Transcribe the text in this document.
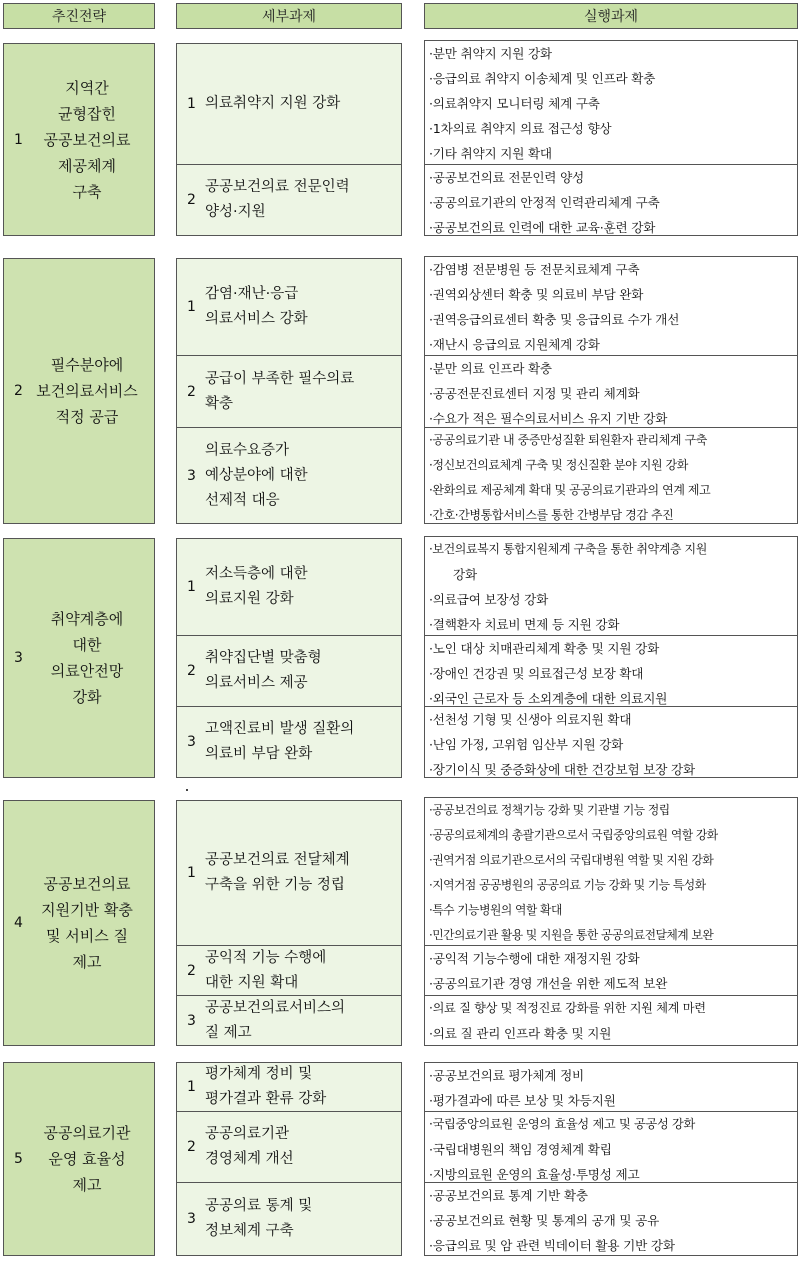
추진전략	세부과제	실행과제
1
지역간
균형잡힌
공공보건의료
제공체계
구축
2
필수분야에
보건의료서비스
적정 공급
3
취약계층에
대한
의료안전망
강화
4
공공보건의료
지원기반 확충
및 서비스 질
제고
5
공공의료기관
운영 효율성
제고
1 의료취약지 지원 강화
2
공공보건의료 전문인력
양성·지원
1
감염·재난·응급
의료서비스 강화
2
공급이 부족한 필수의료
확충
3
의료수요증가
예상분야에 대한
선제적 대응
1
저소득층에 대한
의료지원 강화
2
취약집단별 맞춤형
의료서비스 제공
3
고액진료비 발생 질환의
의료비 부담 완화
1
공공보건의료 전달체계
구축을 위한 기능 정립
2
공익적 기능 수행에
대한 지원 확대
3
공공보건의료서비스의
질 제고
1
평가체계 정비 및
평가결과 환류 강화
2
공공의료기관
경영체계 개선
3
공공의료 통계 및
정보체계 구축
·분만 취약지 지원 강화
·응급의료 취약지 이송체계 및 인프라 확충
·의료취약지 모니터링 체계 구축
·1차의료 취약지 의료 접근성 향상
·기타 취약지 지원 확대
·공공보건의료 전문인력 양성
·공공의료기관의 안정적 인력관리체계 구축
·공공보건의료 인력에 대한 교육·훈련 강화
·감염병 전문병원 등 전문치료체계 구축
·권역외상센터 확충 및 의료비 부담 완화
·권역응급의료센터 확충 및 응급의료 수가 개선
·재난시 응급의료 지원체계 강화
·분만 의료 인프라 확충
·공공전문진료센터 지정 및 관리 체계화
·수요가 적은 필수의료서비스 유지 기반 강화
·공공의료기관 내 중증만성질환 퇴원환자 관리체계 구축
·정신보건의료체계 구축 및 정신질환 분야 지원 강화
·완화의료 제공체계 확대 및 공공의료기관과의 연계 제고
·간호·간병통합서비스를 통한 간병부담 경감 추진
·보건의료복지 통합지원체계 구축을 통한 취약계층 지원
강화
·의료급여 보장성 강화
·결핵환자 치료비 면제 등 지원 강화
·노인 대상 치매관리체계 확충 및 지원 강화
·장애인 건강권 및 의료접근성 보장 확대
·외국인 근로자 등 소외계층에 대한 의료지원
·선천성 기형 및 신생아 의료지원 확대
·난임 가정, 고위험 임산부 지원 강화
·장기이식 및 중증화상에 대한 건강보험 보장 강화
·공공보건의료 정책기능 강화 및 기관별 기능 정립
·공공의료체계의 총괄기관으로서 국립중앙의료원 역할 강화
·권역거점 의료기관으로서의 국립대병원 역할 및 지원 강화
·지역거점 공공병원의 공공의료 기능 강화 및 기능 특성화
·특수 기능병원의 역할 확대
·민간의료기관 활용 및 지원을 통한 공공의료전달체계 보완
·공익적 기능수행에 대한 재정지원 강화
·공공의료기관 경영 개선을 위한 제도적 보완
·의료 질 향상 및 적정진료 강화를 위한 지원 체계 마련
·의료 질 관리 인프라 확충 및 지원
·공공보건의료 평가체계 정비
·평가결과에 따른 보상 및 차등지원
·국립중앙의료원 운영의 효율성 제고 및 공공성 강화
·국립대병원의 책임 경영체계 확립
·지방의료원 운영의 효율성·투명성 제고
·공공보건의료 통계 기반 확충
·공공보건의료 현황 및 통계의 공개 및 공유
·응급의료 및 암 관련 빅데이터 활용 기반 강화
